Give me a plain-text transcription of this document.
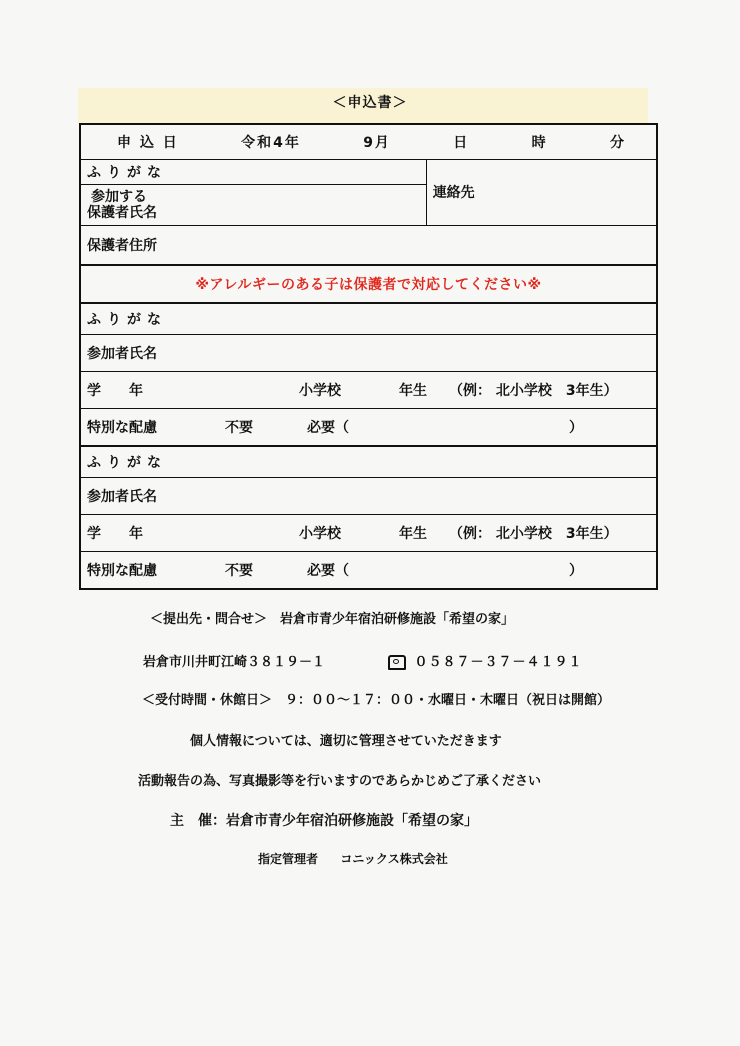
＜申込書＞
申 込 日	令和4年	9月	日	時	分

ふりがな	連絡先

参加する
保護者氏名

保護者住所
※アレルギーのある子は保護者で対応してください※
ふりがな
参加者氏名

学　　年	小学校	年生	（例： 北小学校　3年生）

特別な配慮	不要	必要（	）

ふりがな
参加者氏名

学　　年	小学校	年生	（例： 北小学校　3年生）

特別な配慮	不要	必要（	）
＜提出先・問合せ＞　岩倉市青少年宿泊研修施設「希望の家」
岩倉市川井町江崎３８１９－１	０５８７－３７－４１９１
＜受付時間・休館日＞　９：００～１７：００・水曜日・木曜日（祝日は開館）
個人情報については、適切に管理させていただきます
活動報告の為、写真撮影等を行いますのであらかじめご了承ください
主　催：岩倉市青少年宿泊研修施設「希望の家」
指定管理者 コニックス株式会社
